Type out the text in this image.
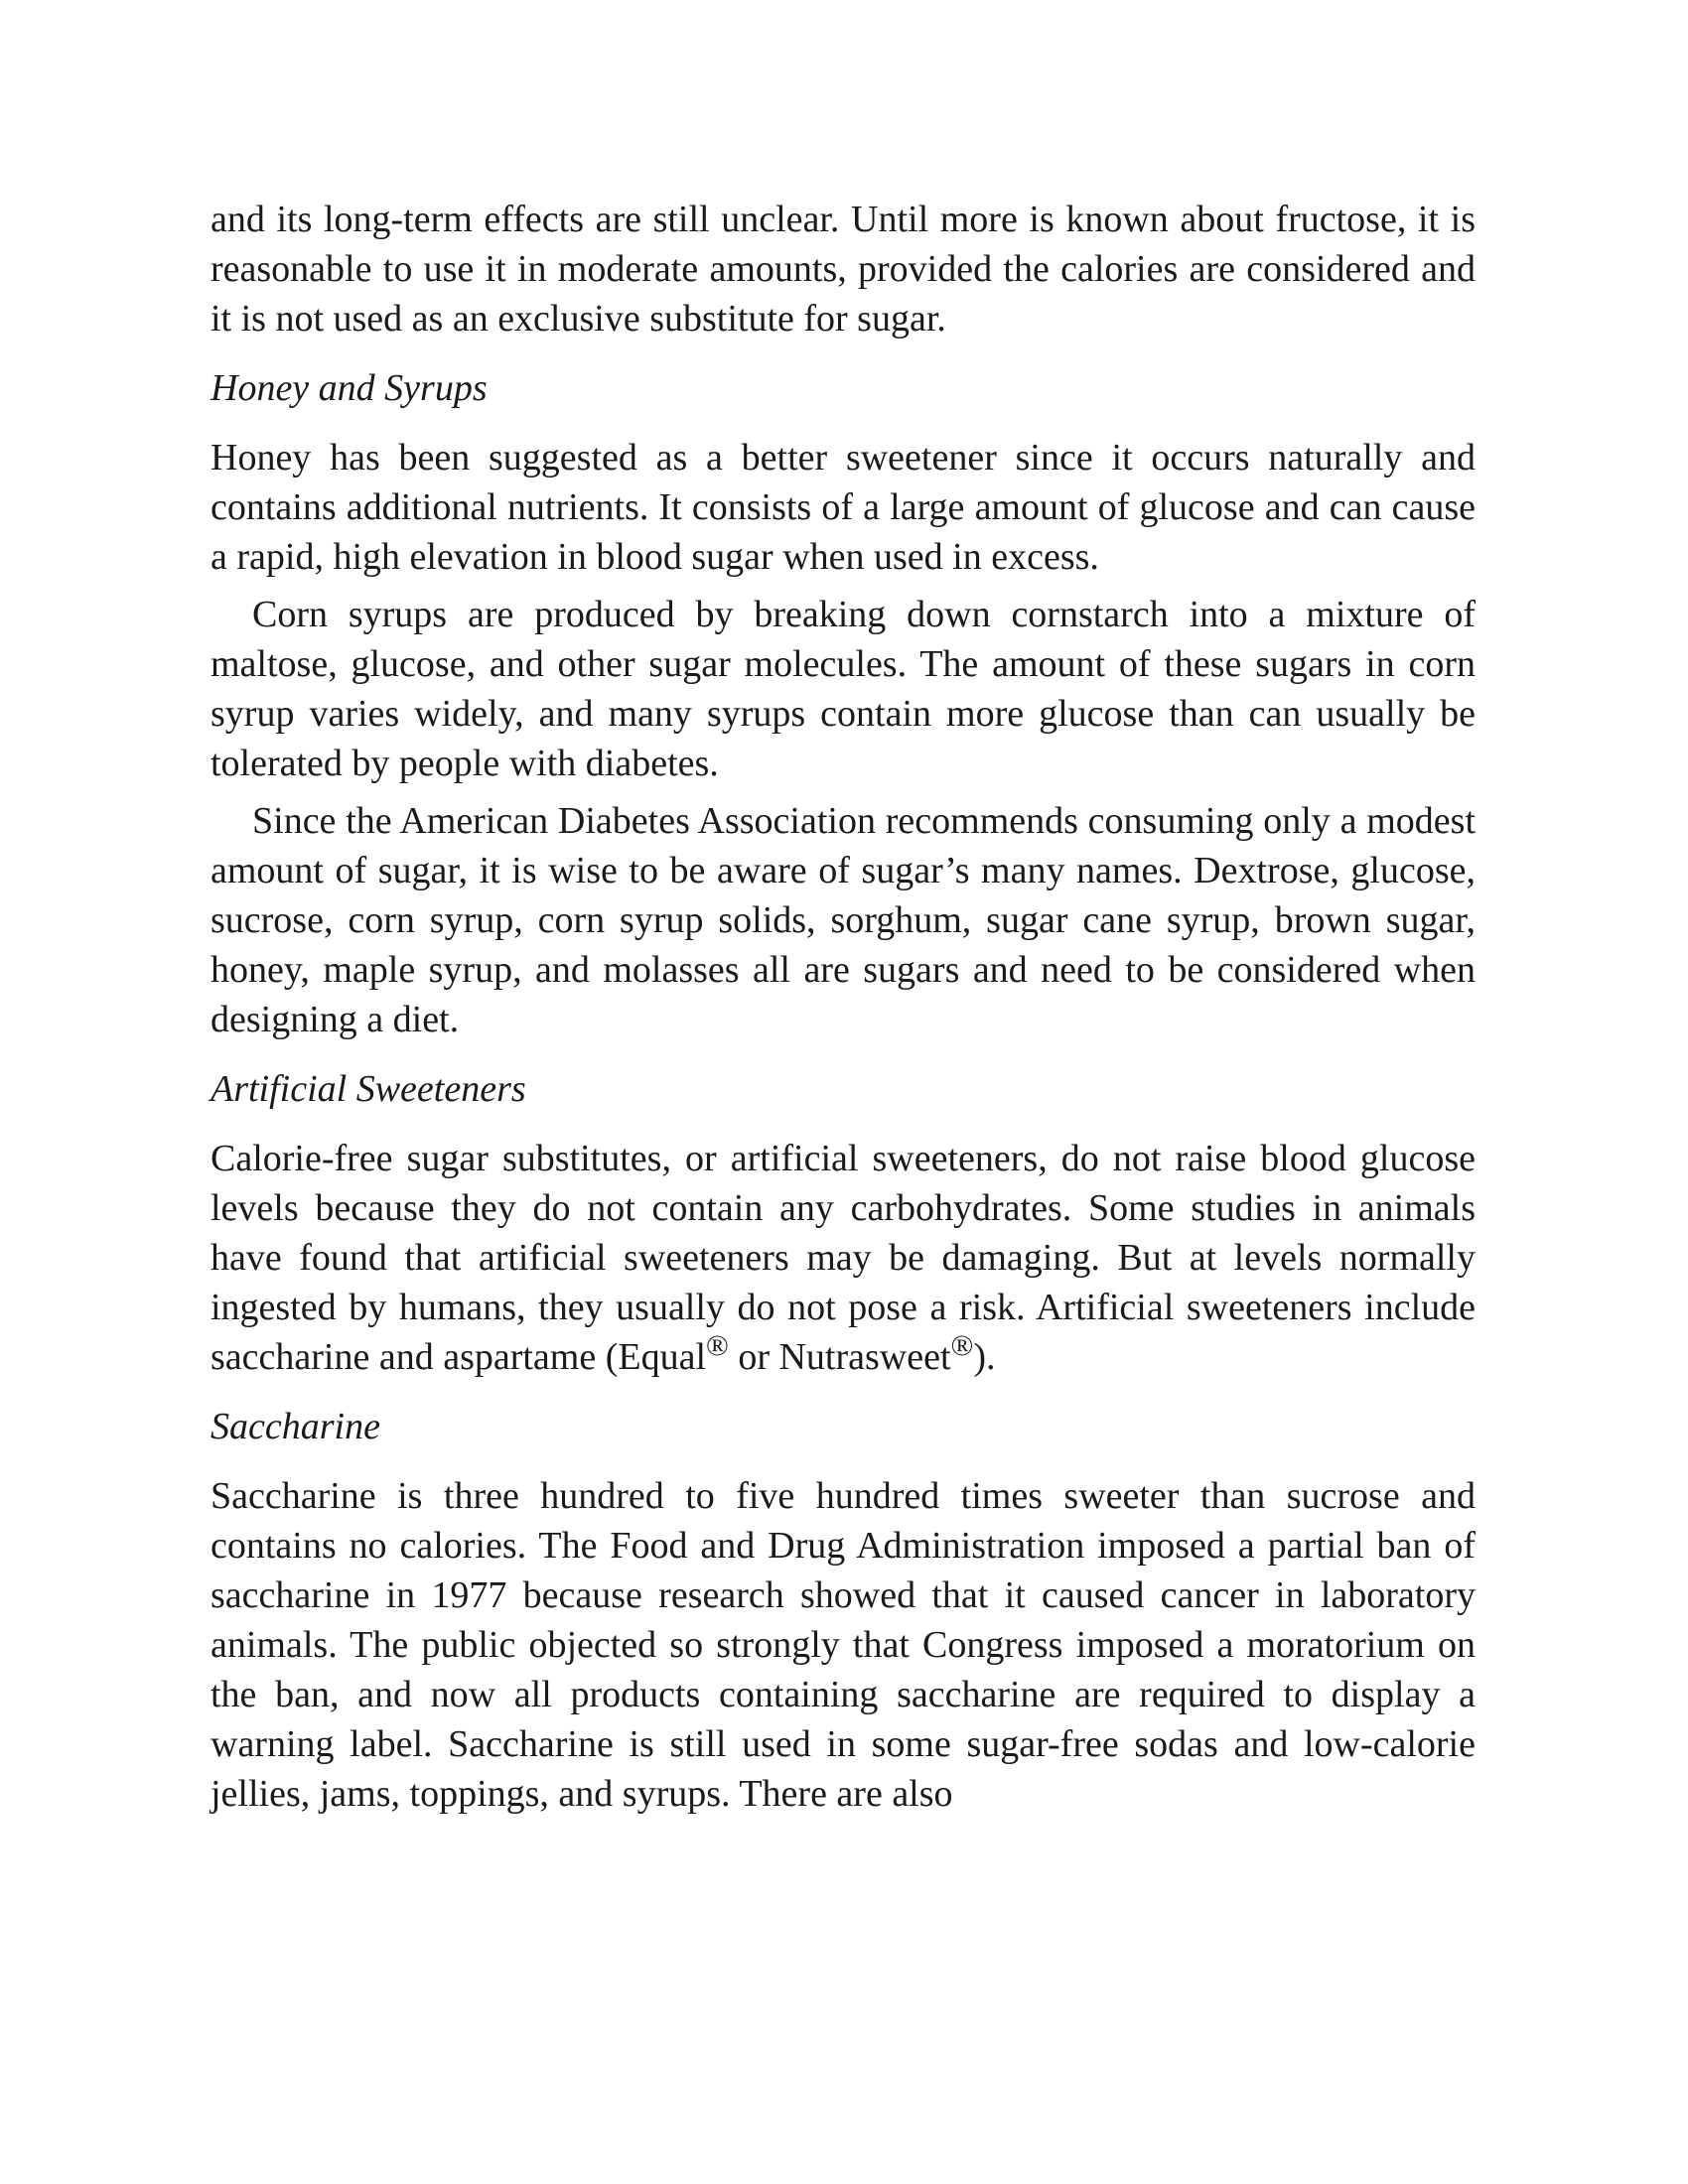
and its long-term effects are still unclear. Until more is known about fructose, it is reasonable to use it in moderate amounts, provided the calories are considered and it is not used as an exclusive substitute for sugar.

Honey and Syrups

Honey has been suggested as a better sweetener since it occurs naturally and contains additional nutrients. It consists of a large amount of glucose and can cause a rapid, high elevation in blood sugar when used in excess.

Corn syrups are produced by breaking down cornstarch into a mixture of maltose, glucose, and other sugar molecules. The amount of these sugars in corn syrup varies widely, and many syrups contain more glucose than can usually be tolerated by people with diabetes.

Since the American Diabetes Association recommends consuming only a modest amount of sugar, it is wise to be aware of sugar’s many names. Dextrose, glucose, sucrose, corn syrup, corn syrup solids, sorghum, sugar cane syrup, brown sugar, honey, maple syrup, and molasses all are sugars and need to be considered when designing a diet.

Artificial Sweeteners

Calorie-free sugar substitutes, or artificial sweeteners, do not raise blood glucose levels because they do not contain any carbohydrates. Some studies in animals have found that artificial sweeteners may be damaging. But at levels normally ingested by humans, they usually do not pose a risk. Artificial sweeteners include saccharine and aspartame (Equal® or Nutrasweet®).

Saccharine

Saccharine is three hundred to five hundred times sweeter than sucrose and contains no calories. The Food and Drug Administration imposed a partial ban of saccharine in 1977 because research showed that it caused cancer in laboratory animals. The public objected so strongly that Congress imposed a moratorium on the ban, and now all products containing saccharine are required to display a warning label. Saccharine is still used in some sugar-free sodas and low-calorie jellies, jams, toppings, and syrups. There are also
